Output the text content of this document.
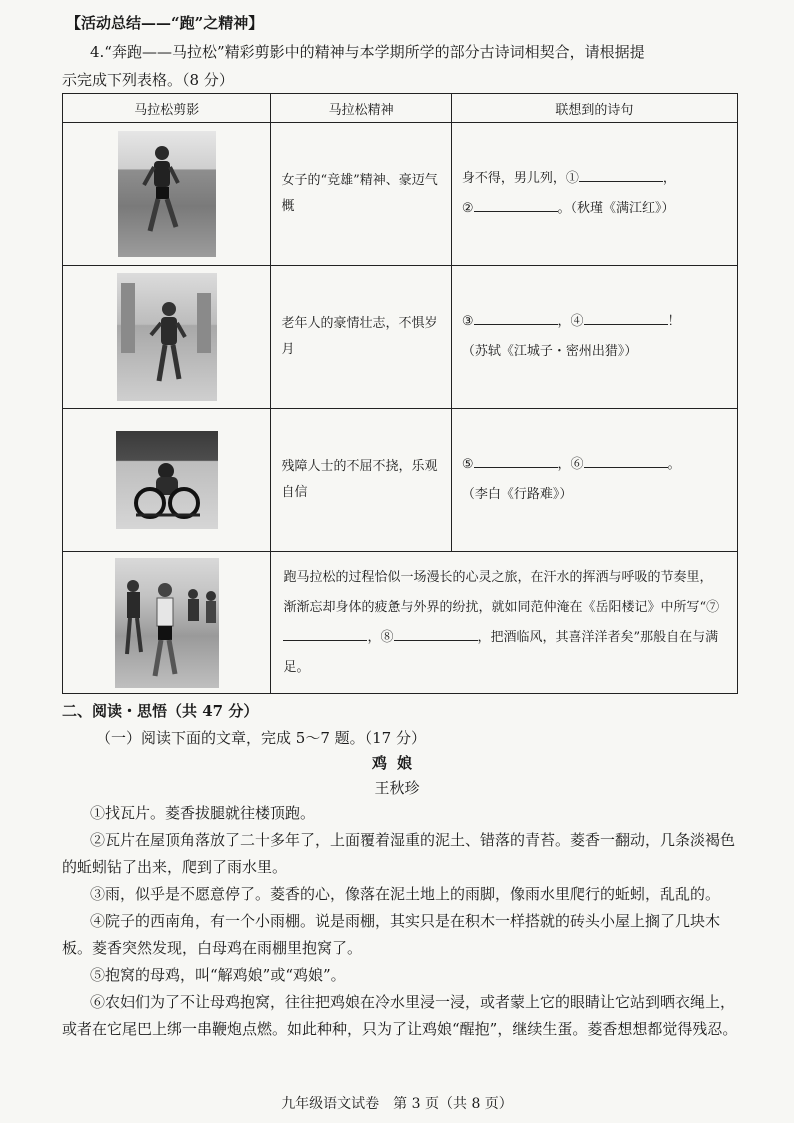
【活动总结——“跑”之精神】
4.“奔跑——马拉松”精彩剪影中的精神与本学期所学的部分古诗词相契合，请根据提
示完成下列表格。（8 分）
马拉松剪影	马拉松精神	联想到的诗句

	女子的“竞雄”精神、豪迈气概	身不得，男儿列，① ，
② 。（秋瑾《满江红》）

	老年人的豪情壮志，不惧岁月	③ ，④ ！
（苏轼《江城子・密州出猎》）

	残障人士的不屈不挠，乐观自信	⑤ ，⑥ 。
（李白《行路难》）

	跑马拉松的过程恰似一场漫长的心灵之旅，在汗水的挥洒与呼吸的节奏里，渐渐忘却身体的疲惫与外界的纷扰，就如同范仲淹在《岳阳楼记》中所写“⑦，⑧ ，把酒临风，其喜洋洋者矣”那般自在与满足。	
二、阅读・思悟（共 47 分）
（一）阅读下面的文章，完成 5～7 题。（17 分）
鸡娘
王秋珍

①找瓦片。菱香拔腿就往楼顶跑。

②瓦片在屋顶角落放了二十多年了，上面覆着湿重的泥土、错落的青苔。菱香一翻动，几条淡褐色的蚯蚓钻了出来，爬到了雨水里。

③雨，似乎是不愿意停了。菱香的心，像落在泥土地上的雨脚，像雨水里爬行的蚯蚓，乱乱的。

④院子的西南角，有一个小雨棚。说是雨棚，其实只是在积木一样搭就的砖头小屋上搁了几块木板。菱香突然发现，白母鸡在雨棚里抱窝了。

⑤抱窝的母鸡，叫“解鸡娘”或“鸡娘”。

⑥农妇们为了不让母鸡抱窝，往往把鸡娘在冷水里浸一浸，或者蒙上它的眼睛让它站到晒衣绳上，或者在它尾巴上绑一串鞭炮点燃。如此种种，只为了让鸡娘“醒抱”，继续生蛋。菱香想想都觉得残忍。

九年级语文试卷　第 3 页（共 8 页）
